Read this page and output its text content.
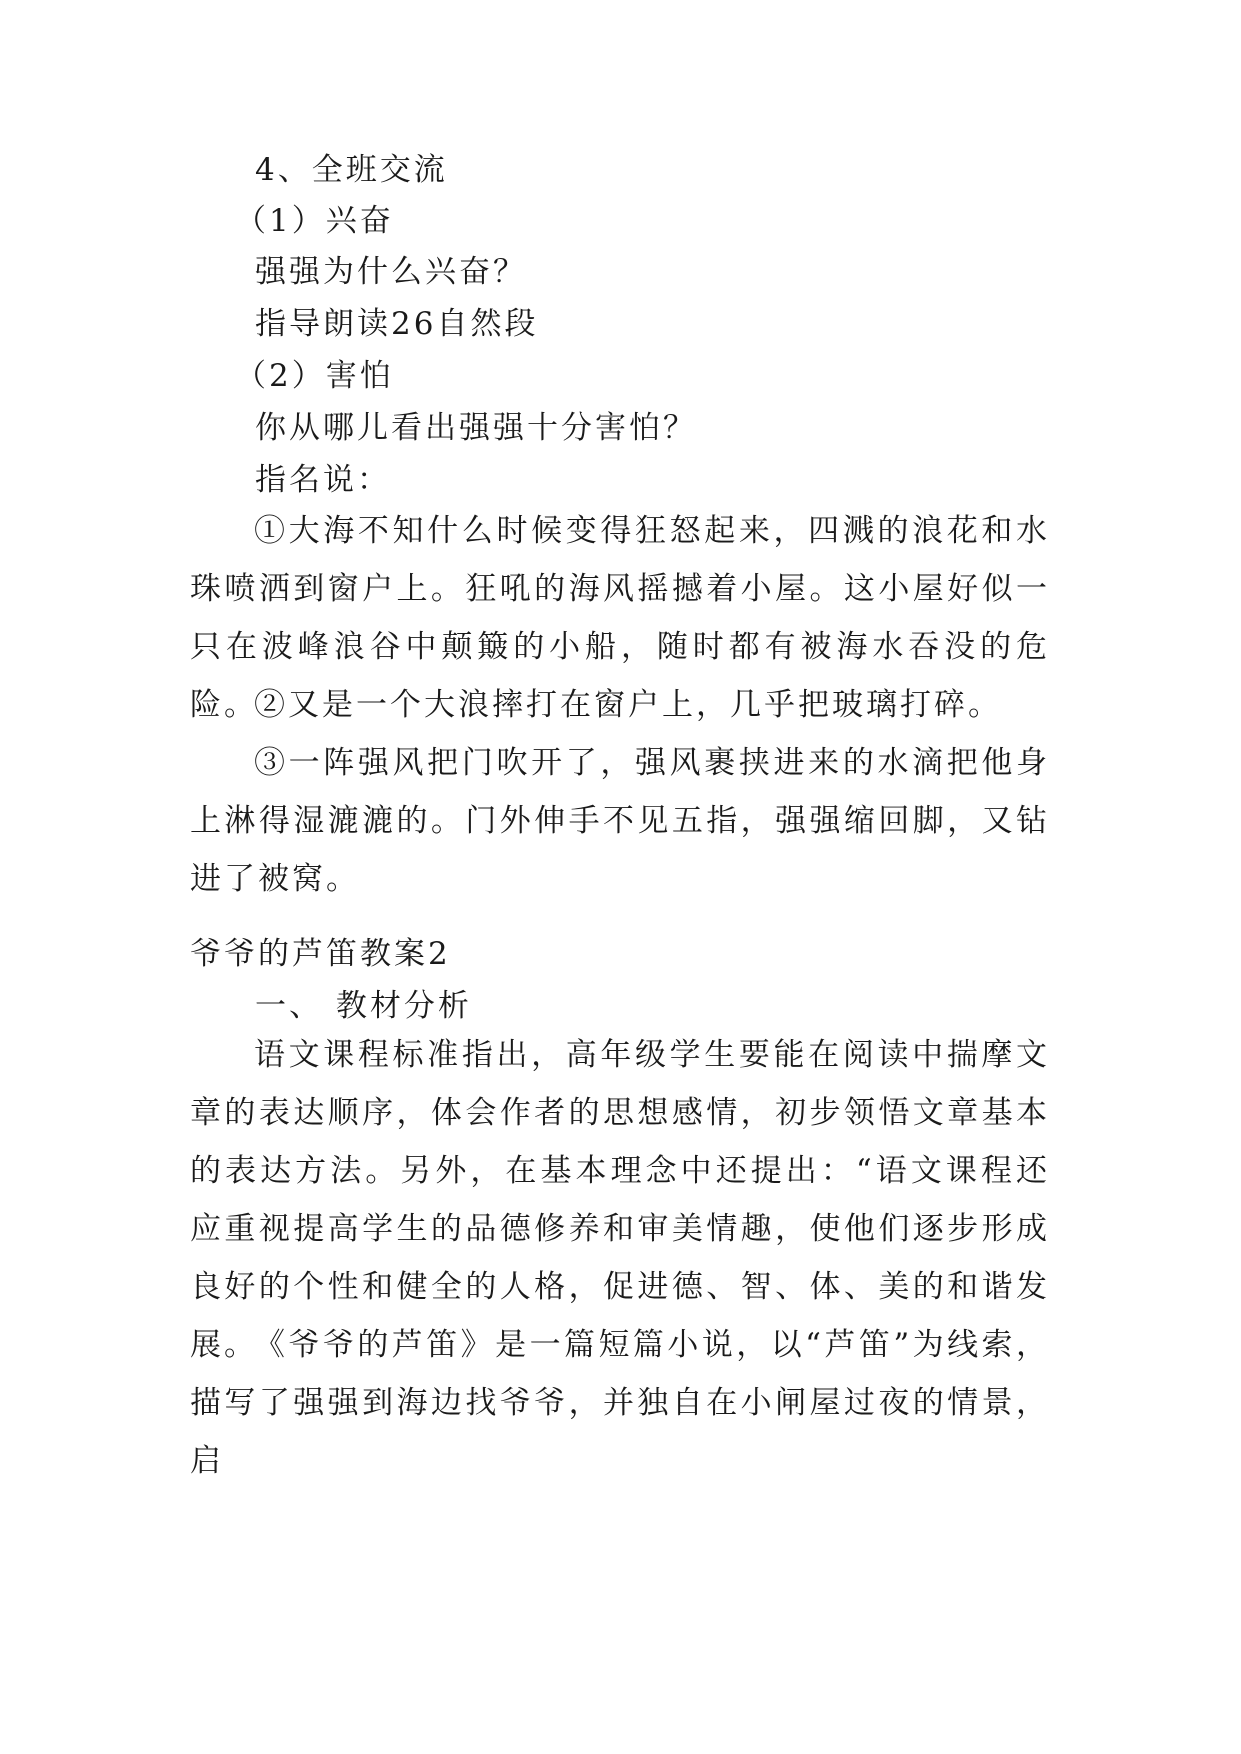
4、全班交流
（1）兴奋
强强为什么兴奋？
指导朗读26自然段
（2）害怕
你从哪儿看出强强十分害怕？
指名说：
①大海不知什么时候变得狂怒起来，四溅的浪花和水珠喷洒到窗户上。狂吼的海风摇撼着小屋。这小屋好似一只在波峰浪谷中颠簸的小船，随时都有被海水吞没的危险。
②又是一个大浪摔打在窗户上，几乎把玻璃打碎。
③一阵强风把门吹开了，强风裹挟进来的水滴把他身上淋得湿漉漉的。门外伸手不见五指，强强缩回脚，又钻进了被窝。
爷爷的芦笛教案2
一、 教材分析
语文课程标准指出，高年级学生要能在阅读中揣摩文章的表达顺序，体会作者的思想感情，初步领悟文章基本的表达方法。另外，在基本理念中还提出：“语文课程还应重视提高学生的品德修养和审美情趣，使他们逐步形成良好的个性和健全的人格，促进德、智、体、美的和谐发展。
《爷爷的芦笛》是一篇短篇小说，以“芦笛”为线索，描写了强强到海边找爷爷，并独自在小闸屋过夜的情景，启
